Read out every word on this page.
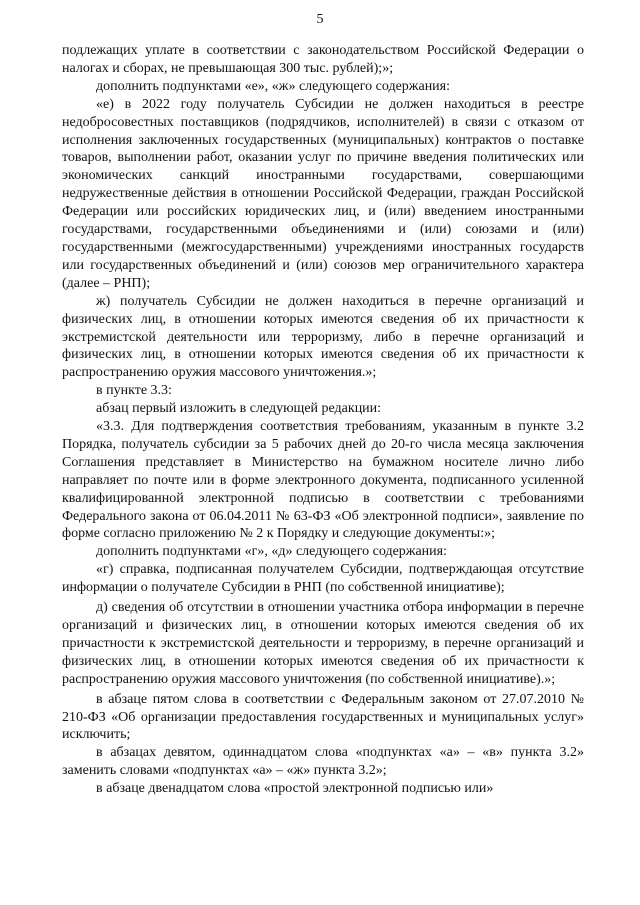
5

подлежащих уплате в соответствии с законодательством Российской Федерации о налогах и сборах, не превышающая 300 тыс. рублей);»;

дополнить подпунктами «е», «ж» следующего содержания:

«е) в 2022 году получатель Субсидии не должен находиться в реестре недобросовестных поставщиков (подрядчиков, исполнителей) в связи с отказом от исполнения заключенных государственных (муниципальных) контрактов о поставке товаров, выполнении работ, оказании услуг по причине введения политических или экономических санкций иностранными государствами, совершающими недружественные действия в отношении Российской Федерации, граждан Российской Федерации или российских юридических лиц, и (или) введением иностранными государствами, государственными объединениями и (или) союзами и (или) государственными (межгосударственными) учреждениями иностранных государств или государственных объединений и (или) союзов мер ограничительного характера (далее – РНП);

ж) получатель Субсидии не должен находиться в перечне организаций и физических лиц, в отношении которых имеются сведения об их причастности к экстремистской деятельности или терроризму, либо в перечне организаций и физических лиц, в отношении которых имеются сведения об их причастности к распространению оружия массового уничтожения.»;

в пункте 3.3:

абзац первый изложить в следующей редакции:

«3.3. Для подтверждения соответствия требованиям, указанным в пункте 3.2 Порядка, получатель субсидии за 5 рабочих дней до 20-го числа месяца заключения Соглашения представляет в Министерство на бумажном носителе лично либо направляет по почте или в форме электронного документа, подписанного усиленной квалифицированной электронной подписью в соответствии с требованиями Федерального закона от 06.04.2011 № 63-ФЗ «Об электронной подписи», заявление по форме согласно приложению № 2 к Порядку и следующие документы:»;

дополнить подпунктами «г», «д» следующего содержания:

«г) справка, подписанная получателем Субсидии, подтверждающая отсутствие информации о получателе Субсидии в РНП (по собственной инициативе);

д) сведения об отсутствии в отношении участника отбора информации в перечне организаций и физических лиц, в отношении которых имеются сведения об их причастности к экстремистской деятельности и терроризму, в перечне организаций и физических лиц, в отношении которых имеются сведения об их причастности к распространению оружия массового уничтожения (по собственной инициативе).»;

в абзаце пятом слова в соответствии с Федеральным законом от 27.07.2010 № 210-ФЗ «Об организации предоставления государственных и муниципальных услуг» исключить;

в абзацах девятом, одиннадцатом слова «подпунктах «а» – «в» пункта 3.2» заменить словами «подпунктах «а» – «ж» пункта 3.2»;

в абзаце двенадцатом слова «простой электронной подписью или»
